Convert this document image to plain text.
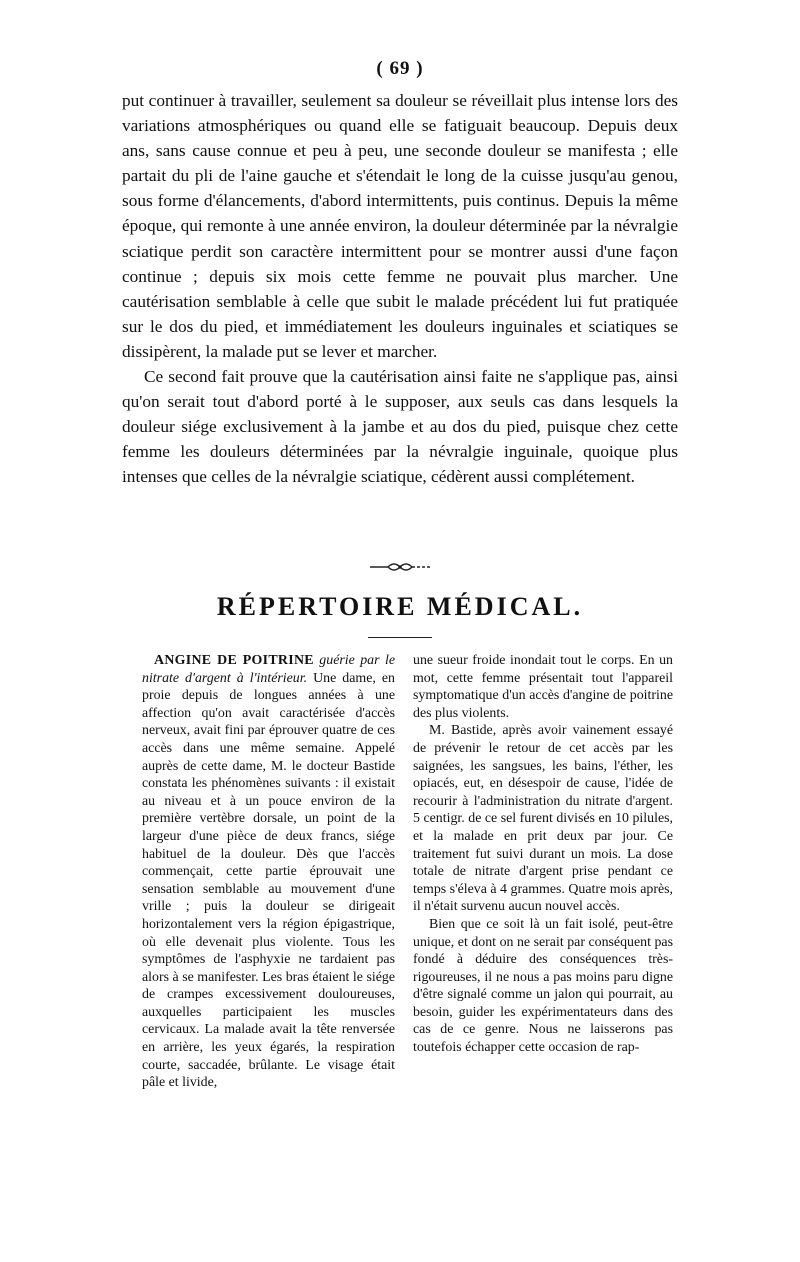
( 69 )

put continuer à travailler, seulement sa douleur se réveillait plus intense lors des variations atmosphériques ou quand elle se fatiguait beaucoup. Depuis deux ans, sans cause connue et peu à peu, une seconde douleur se manifesta ; elle partait du pli de l'aine gauche et s'étendait le long de la cuisse jusqu'au genou, sous forme d'élancements, d'abord intermittents, puis continus. Depuis la même époque, qui remonte à une année environ, la douleur déterminée par la névralgie sciatique perdit son caractère intermittent pour se montrer aussi d'une façon continue ; depuis six mois cette femme ne pouvait plus marcher. Une cautérisation semblable à celle que subit le malade précédent lui fut pratiquée sur le dos du pied, et immédiatement les douleurs inguinales et sciatiques se dissipèrent, la malade put se lever et marcher.

Ce second fait prouve que la cautérisation ainsi faite ne s'applique pas, ainsi qu'on serait tout d'abord porté à le supposer, aux seuls cas dans lesquels la douleur siége exclusivement à la jambe et au dos du pied, puisque chez cette femme les douleurs déterminées par la névralgie inguinale, quoique plus intenses que celles de la névralgie sciatique, cédèrent aussi complétement.

RÉPERTOIRE MÉDICAL.

ANGINE DE POITRINE guérie par le nitrate d'argent à l'intérieur. Une dame, en proie depuis de longues années à une affection qu'on avait caractérisée d'accès nerveux, avait fini par éprouver quatre de ces accès dans une même semaine. Appelé auprès de cette dame, M. le docteur Bastide constata les phénomènes suivants : il existait au niveau et à un pouce environ de la première vertèbre dorsale, un point de la largeur d'une pièce de deux francs, siége habituel de la douleur. Dès que l'accès commençait, cette partie éprouvait une sensation semblable au mouvement d'une vrille ; puis la douleur se dirigeait horizontalement vers la région épigastrique, où elle devenait plus violente. Tous les symptômes de l'asphyxie ne tardaient pas alors à se manifester. Les bras étaient le siége de crampes excessivement douloureuses, auxquelles participaient les muscles cervicaux. La malade avait la tête renversée en arrière, les yeux égarés, la respiration courte, saccadée, brûlante. Le visage était pâle et livide,

une sueur froide inondait tout le corps. En un mot, cette femme présentait tout l'appareil symptomatique d'un accès d'angine de poitrine des plus violents.

M. Bastide, après avoir vainement essayé de prévenir le retour de cet accès par les saignées, les sangsues, les bains, l'éther, les opiacés, eut, en désespoir de cause, l'idée de recourir à l'administration du nitrate d'argent. 5 centigr. de ce sel furent divisés en 10 pilules, et la malade en prit deux par jour. Ce traitement fut suivi durant un mois. La dose totale de nitrate d'argent prise pendant ce temps s'éleva à 4 grammes. Quatre mois après, il n'était survenu aucun nouvel accès.

Bien que ce soit là un fait isolé, peut-être unique, et dont on ne serait par conséquent pas fondé à déduire des conséquences très-rigoureuses, il ne nous a pas moins paru digne d'être signalé comme un jalon qui pourrait, au besoin, guider les expérimentateurs dans des cas de ce genre. Nous ne laisserons pas toutefois échapper cette occasion de rap-
